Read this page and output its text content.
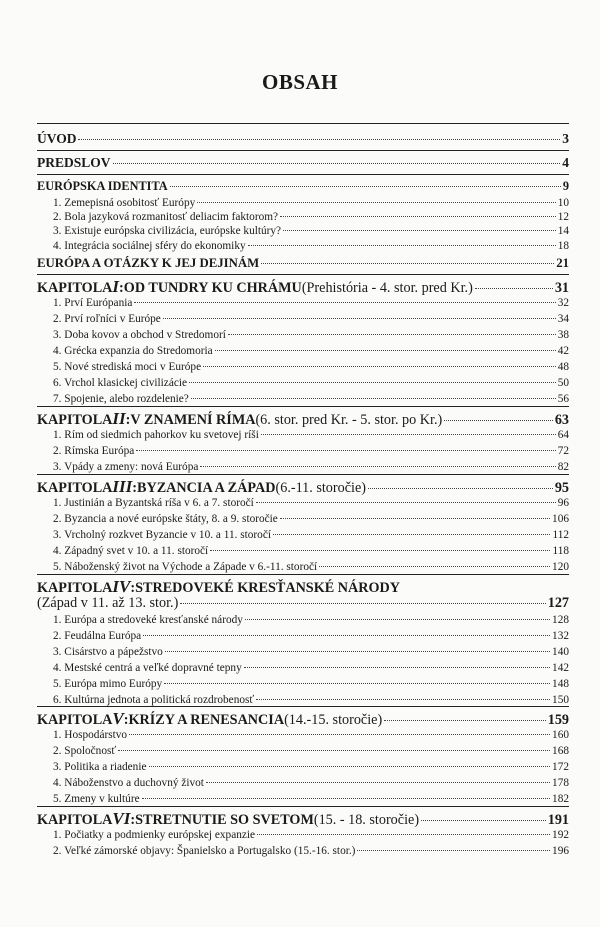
OBSAH
ÚVOD	3
PREDSLOV	4
EURÓPSKA IDENTITA	9
1. Zemepisná osobitosť Európy	10
2. Bola jazyková rozmanitosť deliacim faktorom?	12
3. Existuje európska civilizácia, európske kultúry?	14
4. Integrácia sociálnej sféry do ekonomiky	18
EURÓPA A OTÁZKY K JEJ DEJINÁM	21
KAPITOLA I : OD TUNDRY KU CHRÁMU (Prehistória - 4. stor. pred Kr.)	31
1. Prví Európania	32
2. Prví roľníci v Európe	34
3. Doba kovov a obchod v Stredomorí	38
4. Grécka expanzia do Stredomoria	42
5. Nové strediská moci v Európe	48
6. Vrchol klasickej civilizácie	50
7. Spojenie, alebo rozdelenie?	56
KAPITOLA II : V ZNAMENÍ RÍMA (6. stor. pred Kr. - 5. stor. po Kr.)	63
1. Rím od siedmich pahorkov ku svetovej ríši	64
2. Rímska Európa	72
3. Vpády a zmeny: nová Európa	82
KAPITOLA III : BYZANCIA A ZÁPAD (6.-11. storočie)	95
1. Justinián a Byzantská ríša v 6. a 7. storočí	96
2. Byzancia a nové európske štáty, 8. a 9. storočie	106
3. Vrcholný rozkvet Byzancie v 10. a 11. storočí	112
4. Západný svet v 10. a 11. storočí	118
5. Náboženský život na Východe a Západe v 6.-11. storočí	120
KAPITOLA IV : STREDOVEKÉ KRESŤANSKÉ NÁRODY
(Západ v 11. až 13. stor.)	127
1. Európa a stredoveké kresťanské národy	128
2. Feudálna Európa	132
3. Cisárstvo a pápežstvo	140
4. Mestské centrá a veľké dopravné tepny	142
5. Európa mimo Európy	148
6. Kultúrna jednota a politická rozdrobenosť	150
KAPITOLA V : KRÍZY A RENESANCIA (14.-15. storočie)	159
1. Hospodárstvo	160
2. Spoločnosť	168
3. Politika a riadenie	172
4. Náboženstvo a duchovný život	178
5. Zmeny v kultúre	182
KAPITOLA VI : STRETNUTIE SO SVETOM (15. - 18. storočie)	191
1. Počiatky a podmienky európskej expanzie	192
2. Veľké zámorské objavy: Španielsko a Portugalsko (15.-16. stor.)	196
